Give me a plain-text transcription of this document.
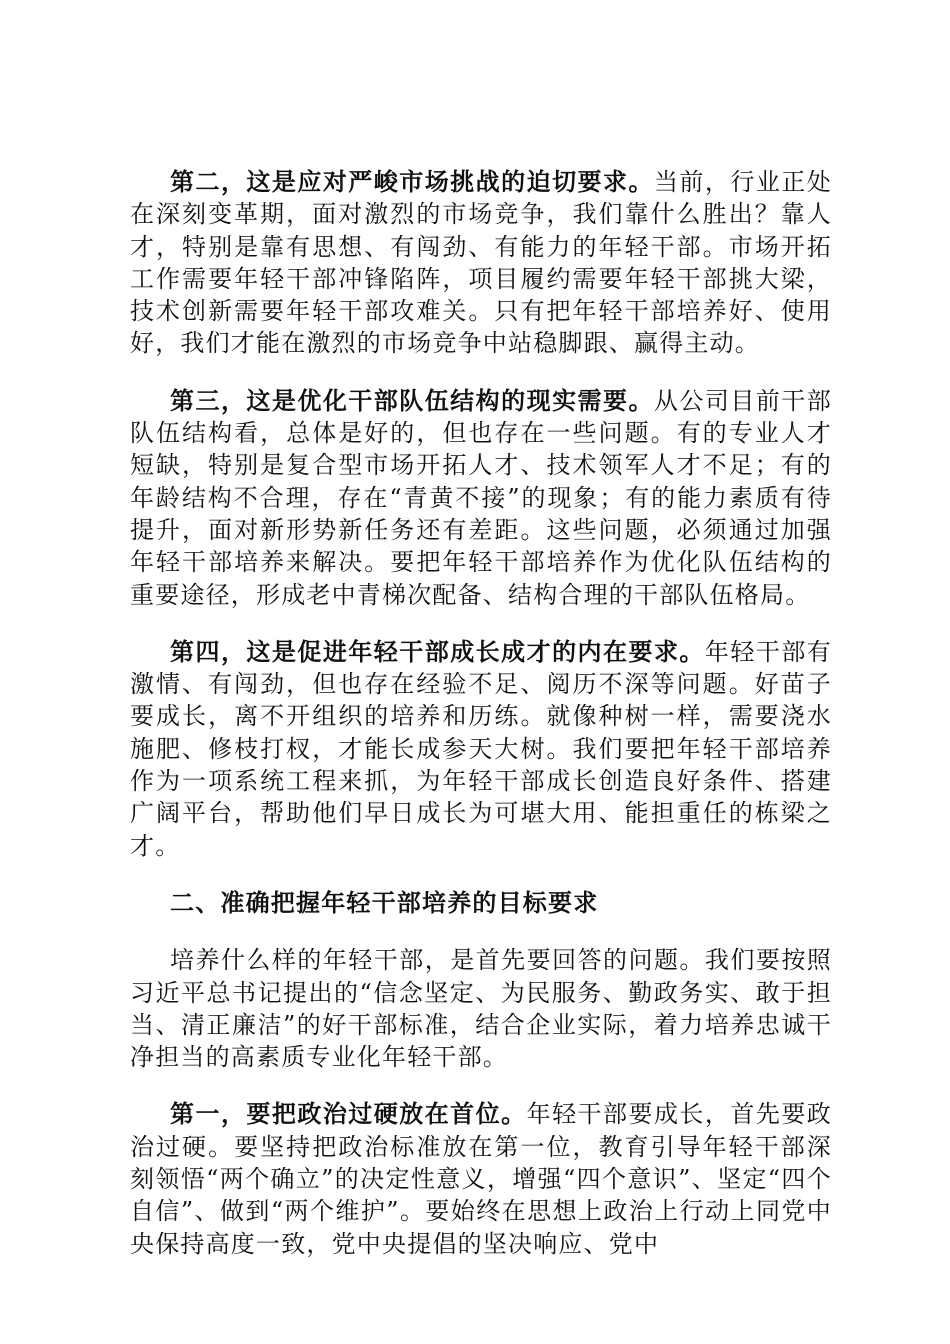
第二，这是应对严峻市场挑战的迫切要求。当前，行业正处在深刻变革期，面对激烈的市场竞争，我们靠什么胜出？靠人才，特别是靠有思想、有闯劲、有能力的年轻干部。市场开拓工作需要年轻干部冲锋陷阵，项目履约需要年轻干部挑大梁，技术创新需要年轻干部攻难关。只有把年轻干部培养好、使用好，我们才能在激烈的市场竞争中站稳脚跟、赢得主动。

第三，这是优化干部队伍结构的现实需要。从公司目前干部队伍结构看，总体是好的，但也存在一些问题。有的专业人才短缺，特别是复合型市场开拓人才、技术领军人才不足；有的年龄结构不合理，存在“青黄不接”的现象；有的能力素质有待提升，面对新形势新任务还有差距。这些问题，必须通过加强年轻干部培养来解决。要把年轻干部培养作为优化队伍结构的重要途径，形成老中青梯次配备、结构合理的干部队伍格局。

第四，这是促进年轻干部成长成才的内在要求。年轻干部有激情、有闯劲，但也存在经验不足、阅历不深等问题。好苗子要成长，离不开组织的培养和历练。就像种树一样，需要浇水施肥、修枝打杈，才能长成参天大树。我们要把年轻干部培养作为一项系统工程来抓，为年轻干部成长创造良好条件、搭建广阔平台，帮助他们早日成长为可堪大用、能担重任的栋梁之才。

二、准确把握年轻干部培养的目标要求

培养什么样的年轻干部，是首先要回答的问题。我们要按照习近平总书记提出的“信念坚定、为民服务、勤政务实、敢于担当、清正廉洁”的好干部标准，结合企业实际，着力培养忠诚干净担当的高素质专业化年轻干部。

第一，要把政治过硬放在首位。年轻干部要成长，首先要政治过硬。要坚持把政治标准放在第一位，教育引导年轻干部深刻领悟“两个确立”的决定性意义，增强“四个意识”、坚定“四个自信”、做到“两个维护”。要始终在思想上政治上行动上同党中央保持高度一致，党中央提倡的坚决响应、党中
